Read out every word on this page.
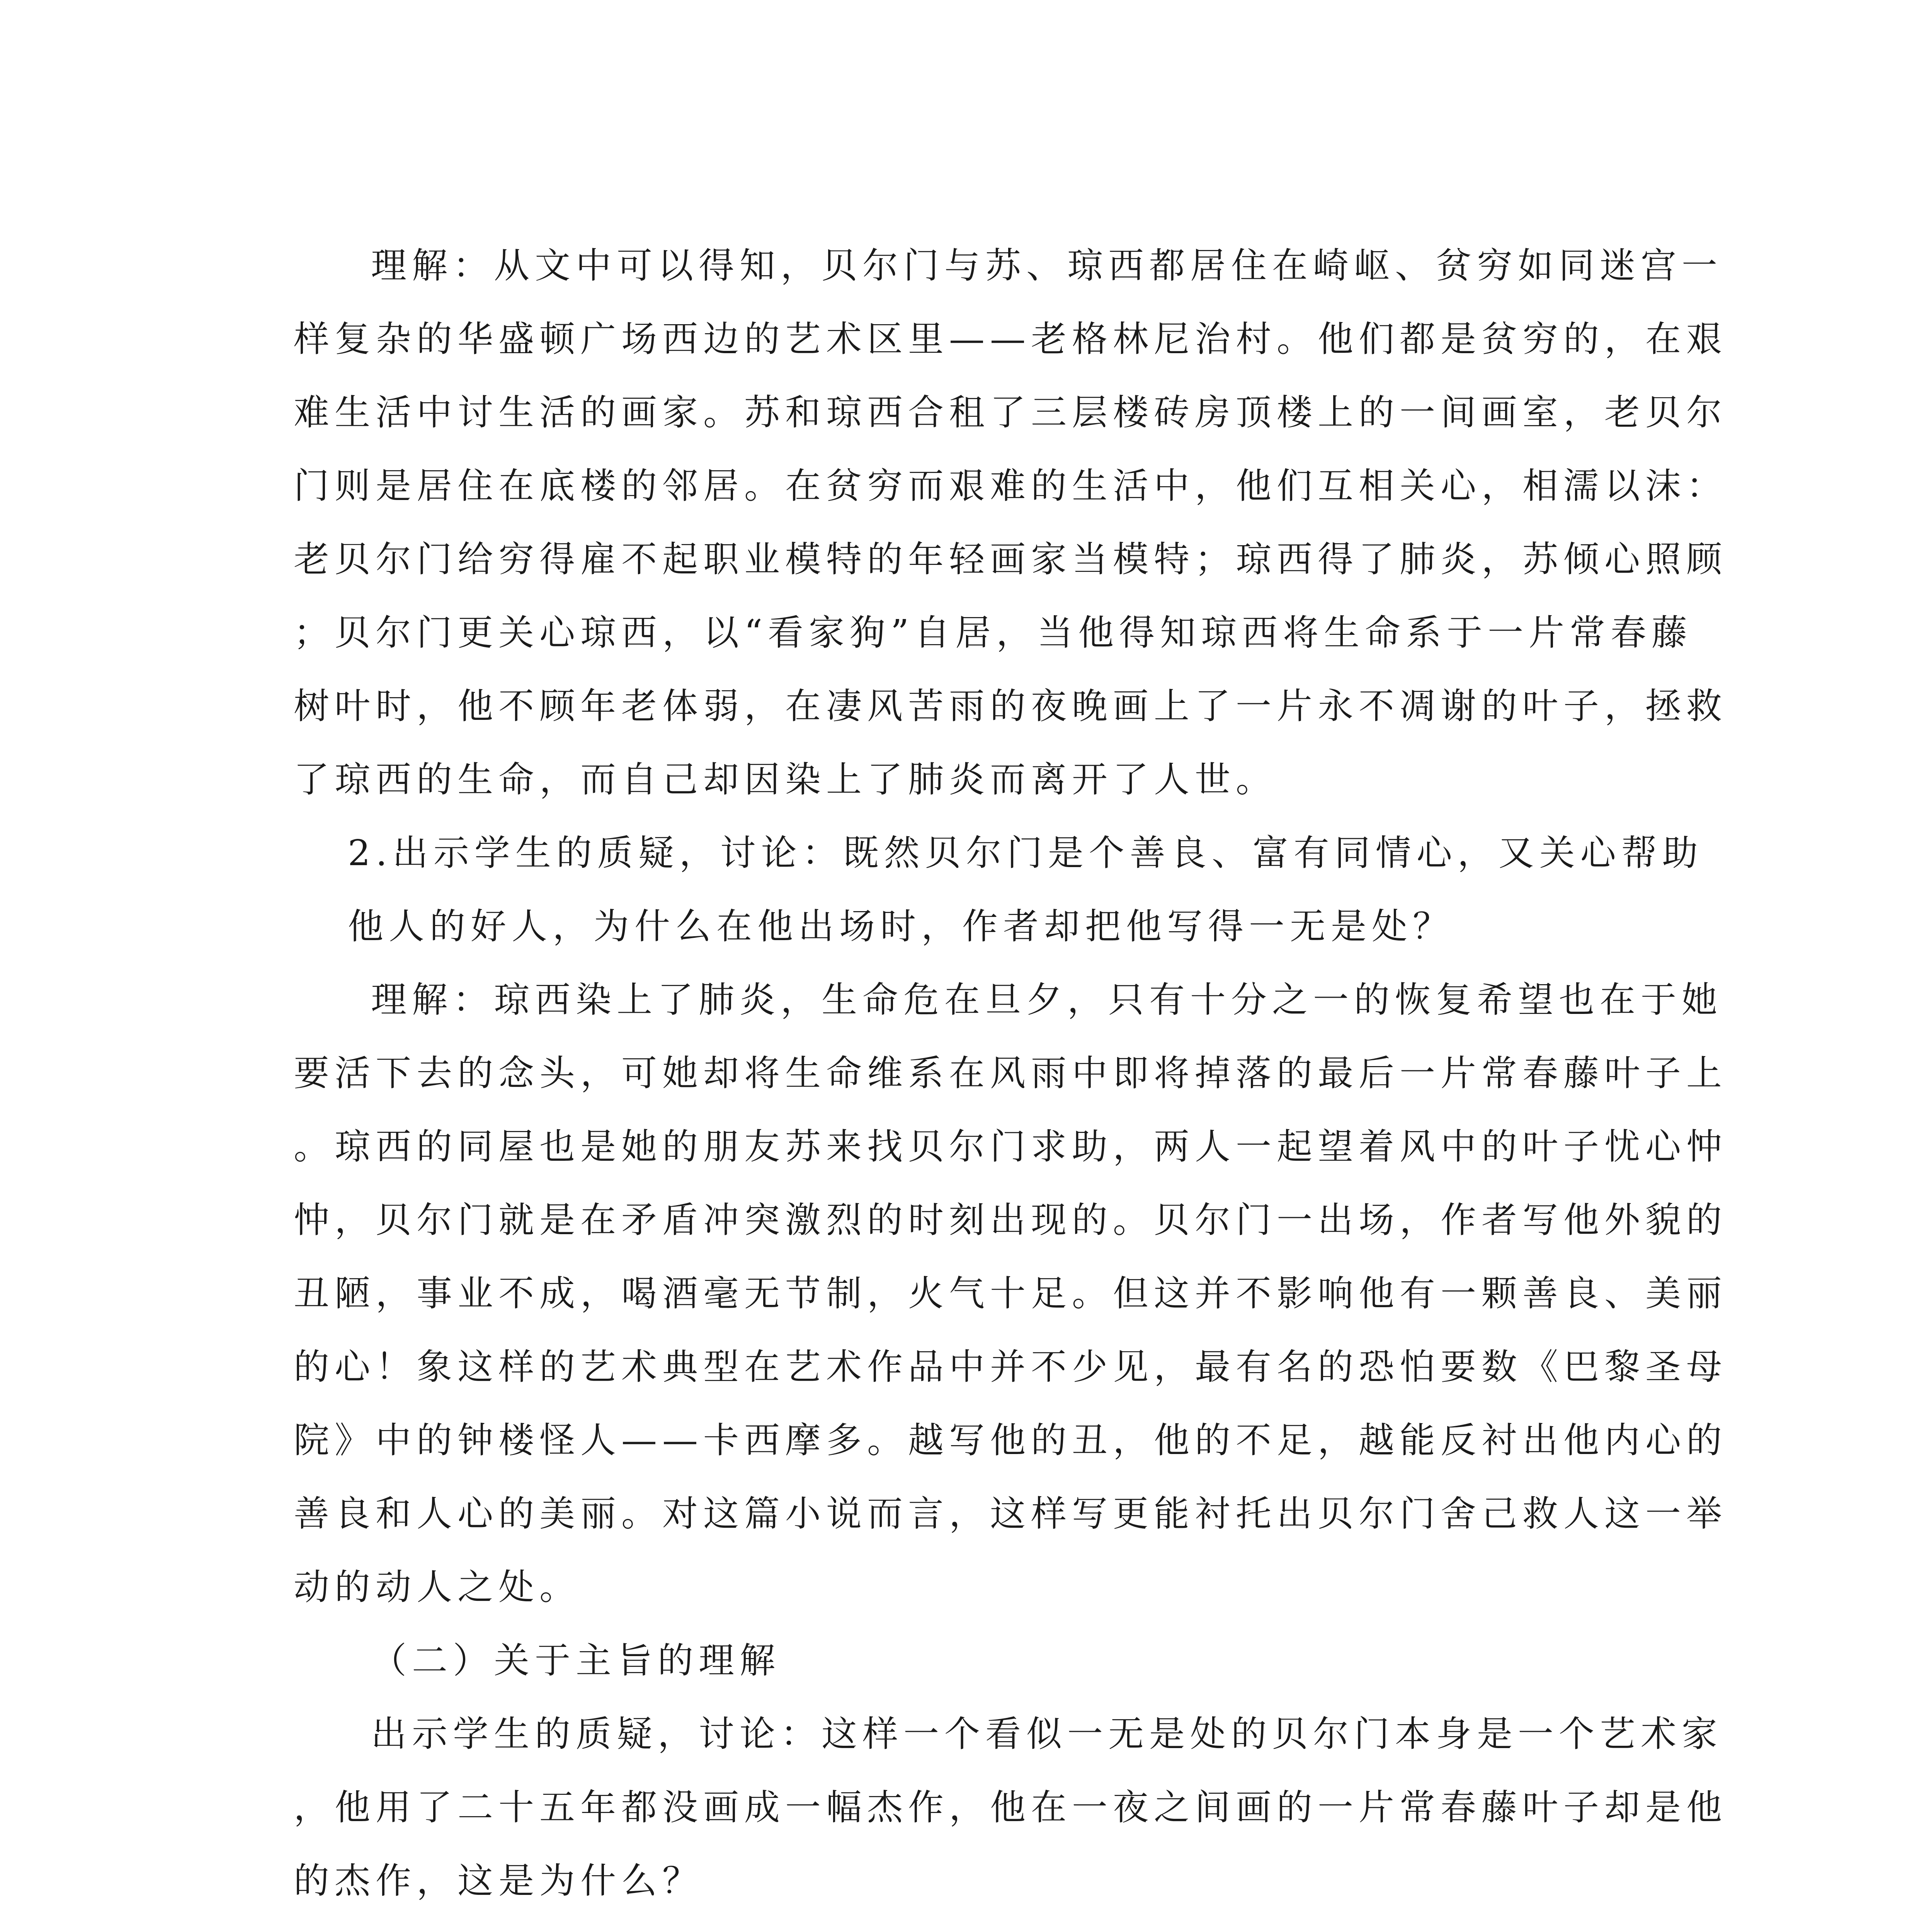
理解：从文中可以得知，贝尔门与苏、琼西都居住在崎岖、贫穷如同迷宫一
样复杂的华盛顿广场西边的艺术区里——老格林尼治村。他们都是贫穷的，在艰
难生活中讨生活的画家。苏和琼西合租了三层楼砖房顶楼上的一间画室，老贝尔
门则是居住在底楼的邻居。在贫穷而艰难的生活中，他们互相关心，相濡以沫：
老贝尔门给穷得雇不起职业模特的年轻画家当模特；琼西得了肺炎，苏倾心照顾
；贝尔门更关心琼西，以“看家狗”自居，当他得知琼西将生命系于一片常春藤
树叶时，他不顾年老体弱，在凄风苦雨的夜晚画上了一片永不凋谢的叶子，拯救
了琼西的生命，而自己却因染上了肺炎而离开了人世。
2.出示学生的质疑，讨论：既然贝尔门是个善良、富有同情心，又关心帮助
他人的好人，为什么在他出场时，作者却把他写得一无是处？
理解：琼西染上了肺炎，生命危在旦夕，只有十分之一的恢复希望也在于她
要活下去的念头，可她却将生命维系在风雨中即将掉落的最后一片常春藤叶子上
。琼西的同屋也是她的朋友苏来找贝尔门求助，两人一起望着风中的叶子忧心忡
忡，贝尔门就是在矛盾冲突激烈的时刻出现的。贝尔门一出场，作者写他外貌的
丑陋，事业不成，喝酒毫无节制，火气十足。但这并不影响他有一颗善良、美丽
的心！象这样的艺术典型在艺术作品中并不少见，最有名的恐怕要数《巴黎圣母
院》中的钟楼怪人——卡西摩多。越写他的丑，他的不足，越能反衬出他内心的
善良和人心的美丽。对这篇小说而言，这样写更能衬托出贝尔门舍己救人这一举
动的动人之处。
（二）关于主旨的理解
出示学生的质疑，讨论：这样一个看似一无是处的贝尔门本身是一个艺术家
，他用了二十五年都没画成一幅杰作，他在一夜之间画的一片常春藤叶子却是他
的杰作，这是为什么？
